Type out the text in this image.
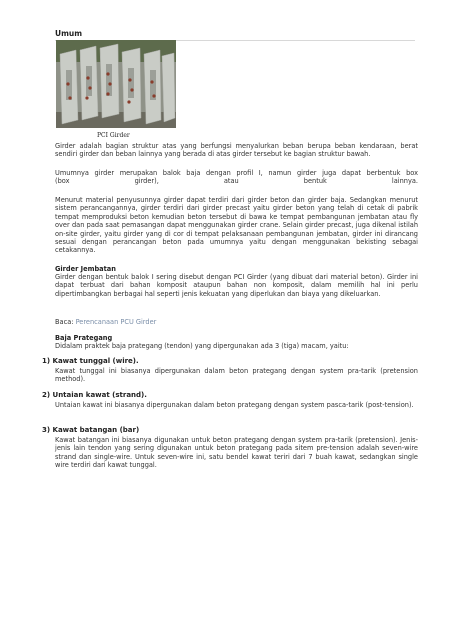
Umum
PCI Girder
Girder adalah bagian struktur atas yang berfungsi menyalurkan beban berupa beban kendaraan, berat sendiri girder dan beban lainnya yang berada di atas girder tersebut ke bagian struktur bawah.
Umumnya girder merupakan balok baja dengan profil I, namun girder juga dapat berbentuk box
(box girder), atau bentuk lainnya.
Menurut material penyusunnya girder dapat terdiri dari girder beton dan girder baja. Sedangkan menurut sistem perancangannya, girder terdiri dari girder precast yaitu girder beton yang telah di cetak di pabrik tempat memproduksi beton kemudian beton tersebut di bawa ke tempat pembangunan jembatan atau fly over dan pada saat pemasangan dapat menggunakan girder crane. Selain girder precast, juga dikenal istilah on-site girder, yaitu girder yang di cor di tempat pelaksanaan pembangunan jembatan, girder ini dirancang sesuai dengan perancangan beton pada umumnya yaitu dengan menggunakan bekisting sebagai cetakannya.
Girder Jembatan
Girder dengan bentuk balok I sering disebut dengan PCI Girder (yang dibuat dari material beton). Girder ini dapat terbuat dari bahan komposit ataupun bahan non komposit, dalam memilih hal ini perlu dipertimbangkan berbagai hal seperti jenis kekuatan yang diperlukan dan biaya yang dikeluarkan.
Baca: Perencanaan PCU Girder
Baja Prategang
Didalam praktek baja prategang (tendon) yang dipergunakan ada 3 (tiga) macam, yaitu:
1) Kawat tunggal (wire).
Kawat tunggal ini biasanya dipergunakan dalam beton prategang dengan system pra-tarik (pretension method).
2) Untaian kawat (strand).
Untaian kawat ini biasanya dipergunakan dalam beton prategang dengan system pasca-tarik (post-tension).
3) Kawat batangan (bar)
Kawat batangan ini biasanya digunakan untuk beton prategang dengan system pra-tarik (pretension). Jenis-jenis lain tendon yang sering digunakan untuk beton prategang pada sitem pre-tension adalah seven-wire strand dan single-wire. Untuk seven-wire ini, satu bendel kawat teriri dari 7 buah kawat, sedangkan single wire terdiri dari kawat tunggal.
